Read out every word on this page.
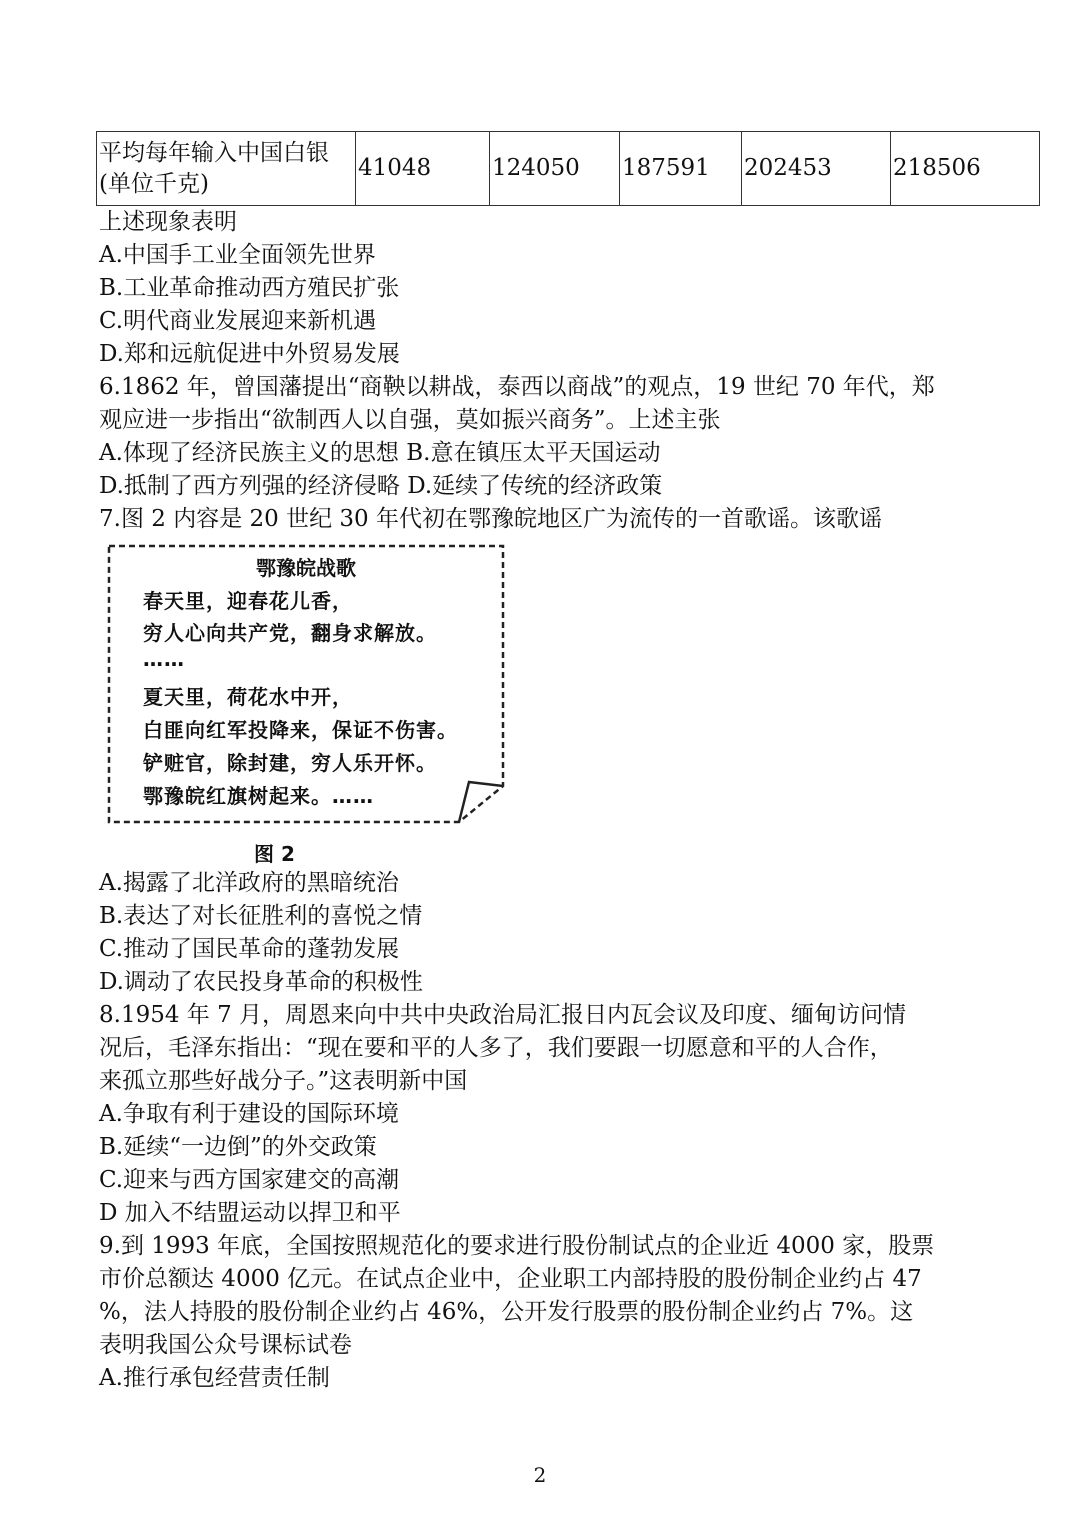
平均每年输入中国白银(单位千克)	41048	124050	187591	202453	218506

上述现象表明

A.中国手工业全面领先世界

B.工业革命推动西方殖民扩张

C.明代商业发展迎来新机遇

D.郑和远航促进中外贸易发展

6.1862 年，曾国藩提出“商鞅以耕战，泰西以商战”的观点，19 世纪 70 年代，郑

观应进一步指出“欲制西人以自强，莫如振兴商务”。上述主张

A.体现了经济民族主义的思想 B.意在镇压太平天国运动

D.抵制了西方列强的经济侵略 D.延续了传统的经济政策

7.图 2 内容是 20 世纪 30 年代初在鄂豫皖地区广为流传的一首歌谣。该歌谣

鄂豫皖战歌
春天里，迎春花儿香，
穷人心向共产党，翻身求解放。
……
夏天里，荷花水中开，
白匪向红军投降来，保证不伤害。
铲赃官，除封建，穷人乐开怀。
鄂豫皖红旗树起来。……
图 2

A.揭露了北洋政府的黑暗统治

B.表达了对长征胜利的喜悦之情

C.推动了国民革命的蓬勃发展

D.调动了农民投身革命的积极性

8.1954 年 7 月，周恩来向中共中央政治局汇报日内瓦会议及印度、缅甸访问情

况后，毛泽东指出：“现在要和平的人多了，我们要跟一切愿意和平的人合作，

来孤立那些好战分子。”这表明新中国

A.争取有利于建设的国际环境

B.延续“一边倒”的外交政策

C.迎来与西方国家建交的高潮

D 加入不结盟运动以捍卫和平

9.到 1993 年底，全国按照规范化的要求进行股份制试点的企业近 4000 家，股票

市价总额达 4000 亿元。在试点企业中，企业职工内部持股的股份制企业约占 47

%，法人持股的股份制企业约占 46%，公开发行股票的股份制企业约占 7%。这

表明我国公众号课标试卷

A.推行承包经营责任制

2
